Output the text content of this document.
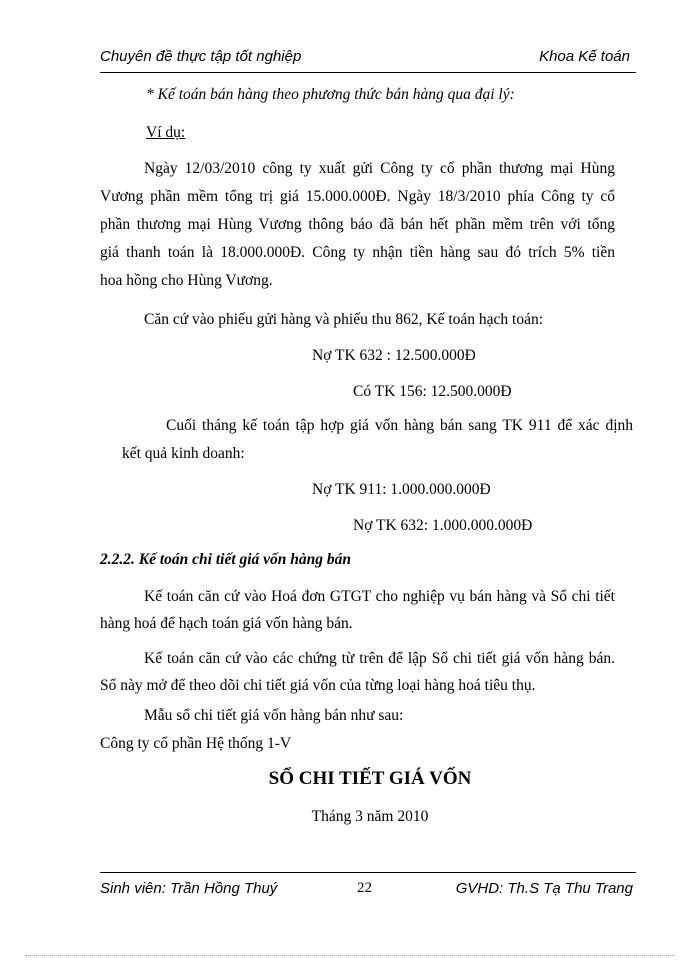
Chuyên đề thực tập tốt nghiệp	Khoa Kế toán
* Kế toán bán hàng theo phương thức bán hàng qua đại lý:
Ví dụ:
Ngày 12/03/2010 công ty xuất gửi Công ty cổ phần thương mại Hùng
Vương phần mềm tổng trị giá 15.000.000Đ. Ngày 18/3/2010 phía Công ty cổ
phần thương mại Hùng Vương thông báo đã bán hết phần mềm trên với tổng
giá thanh toán là 18.000.000Đ. Công ty nhận tiền hàng sau đó trích 5% tiền
hoa hồng cho Hùng Vương.
Căn cứ vào phiếu gửi hàng và phiếu thu 862, Kế toán hạch toán:
Nợ TK 632 : 12.500.000Đ
Có TK 156: 12.500.000Đ
Cuối tháng kế toán tập hợp giá vốn hàng bán sang TK 911 để xác định
kết quả kinh doanh:
Nợ TK 911: 1.000.000.000Đ
Nợ TK 632: 1.000.000.000Đ
2.2.2. Kế toán chi tiết giá vốn hàng bán
Kế toán căn cứ vào Hoá đơn GTGT cho nghiệp vụ bán hàng và Sổ chi tiết
hàng hoá để hạch toán giá vốn hàng bán.
Kế toán căn cứ vào các chứng từ trên để lập Sổ chi tiết giá vốn hàng bán.
Sổ này mở để theo dõi chi tiết giá vốn của từng loại hàng hoá tiêu thụ.
Mẫu sổ chi tiết giá vốn hàng bán như sau:
Công ty cổ phần Hệ thống 1-V
SỔ CHI TIẾT GIÁ VỐN
Tháng 3 năm 2010
Sinh viên: Trần Hồng Thuý	22	GVHD: Th.S Tạ Thu Trang
